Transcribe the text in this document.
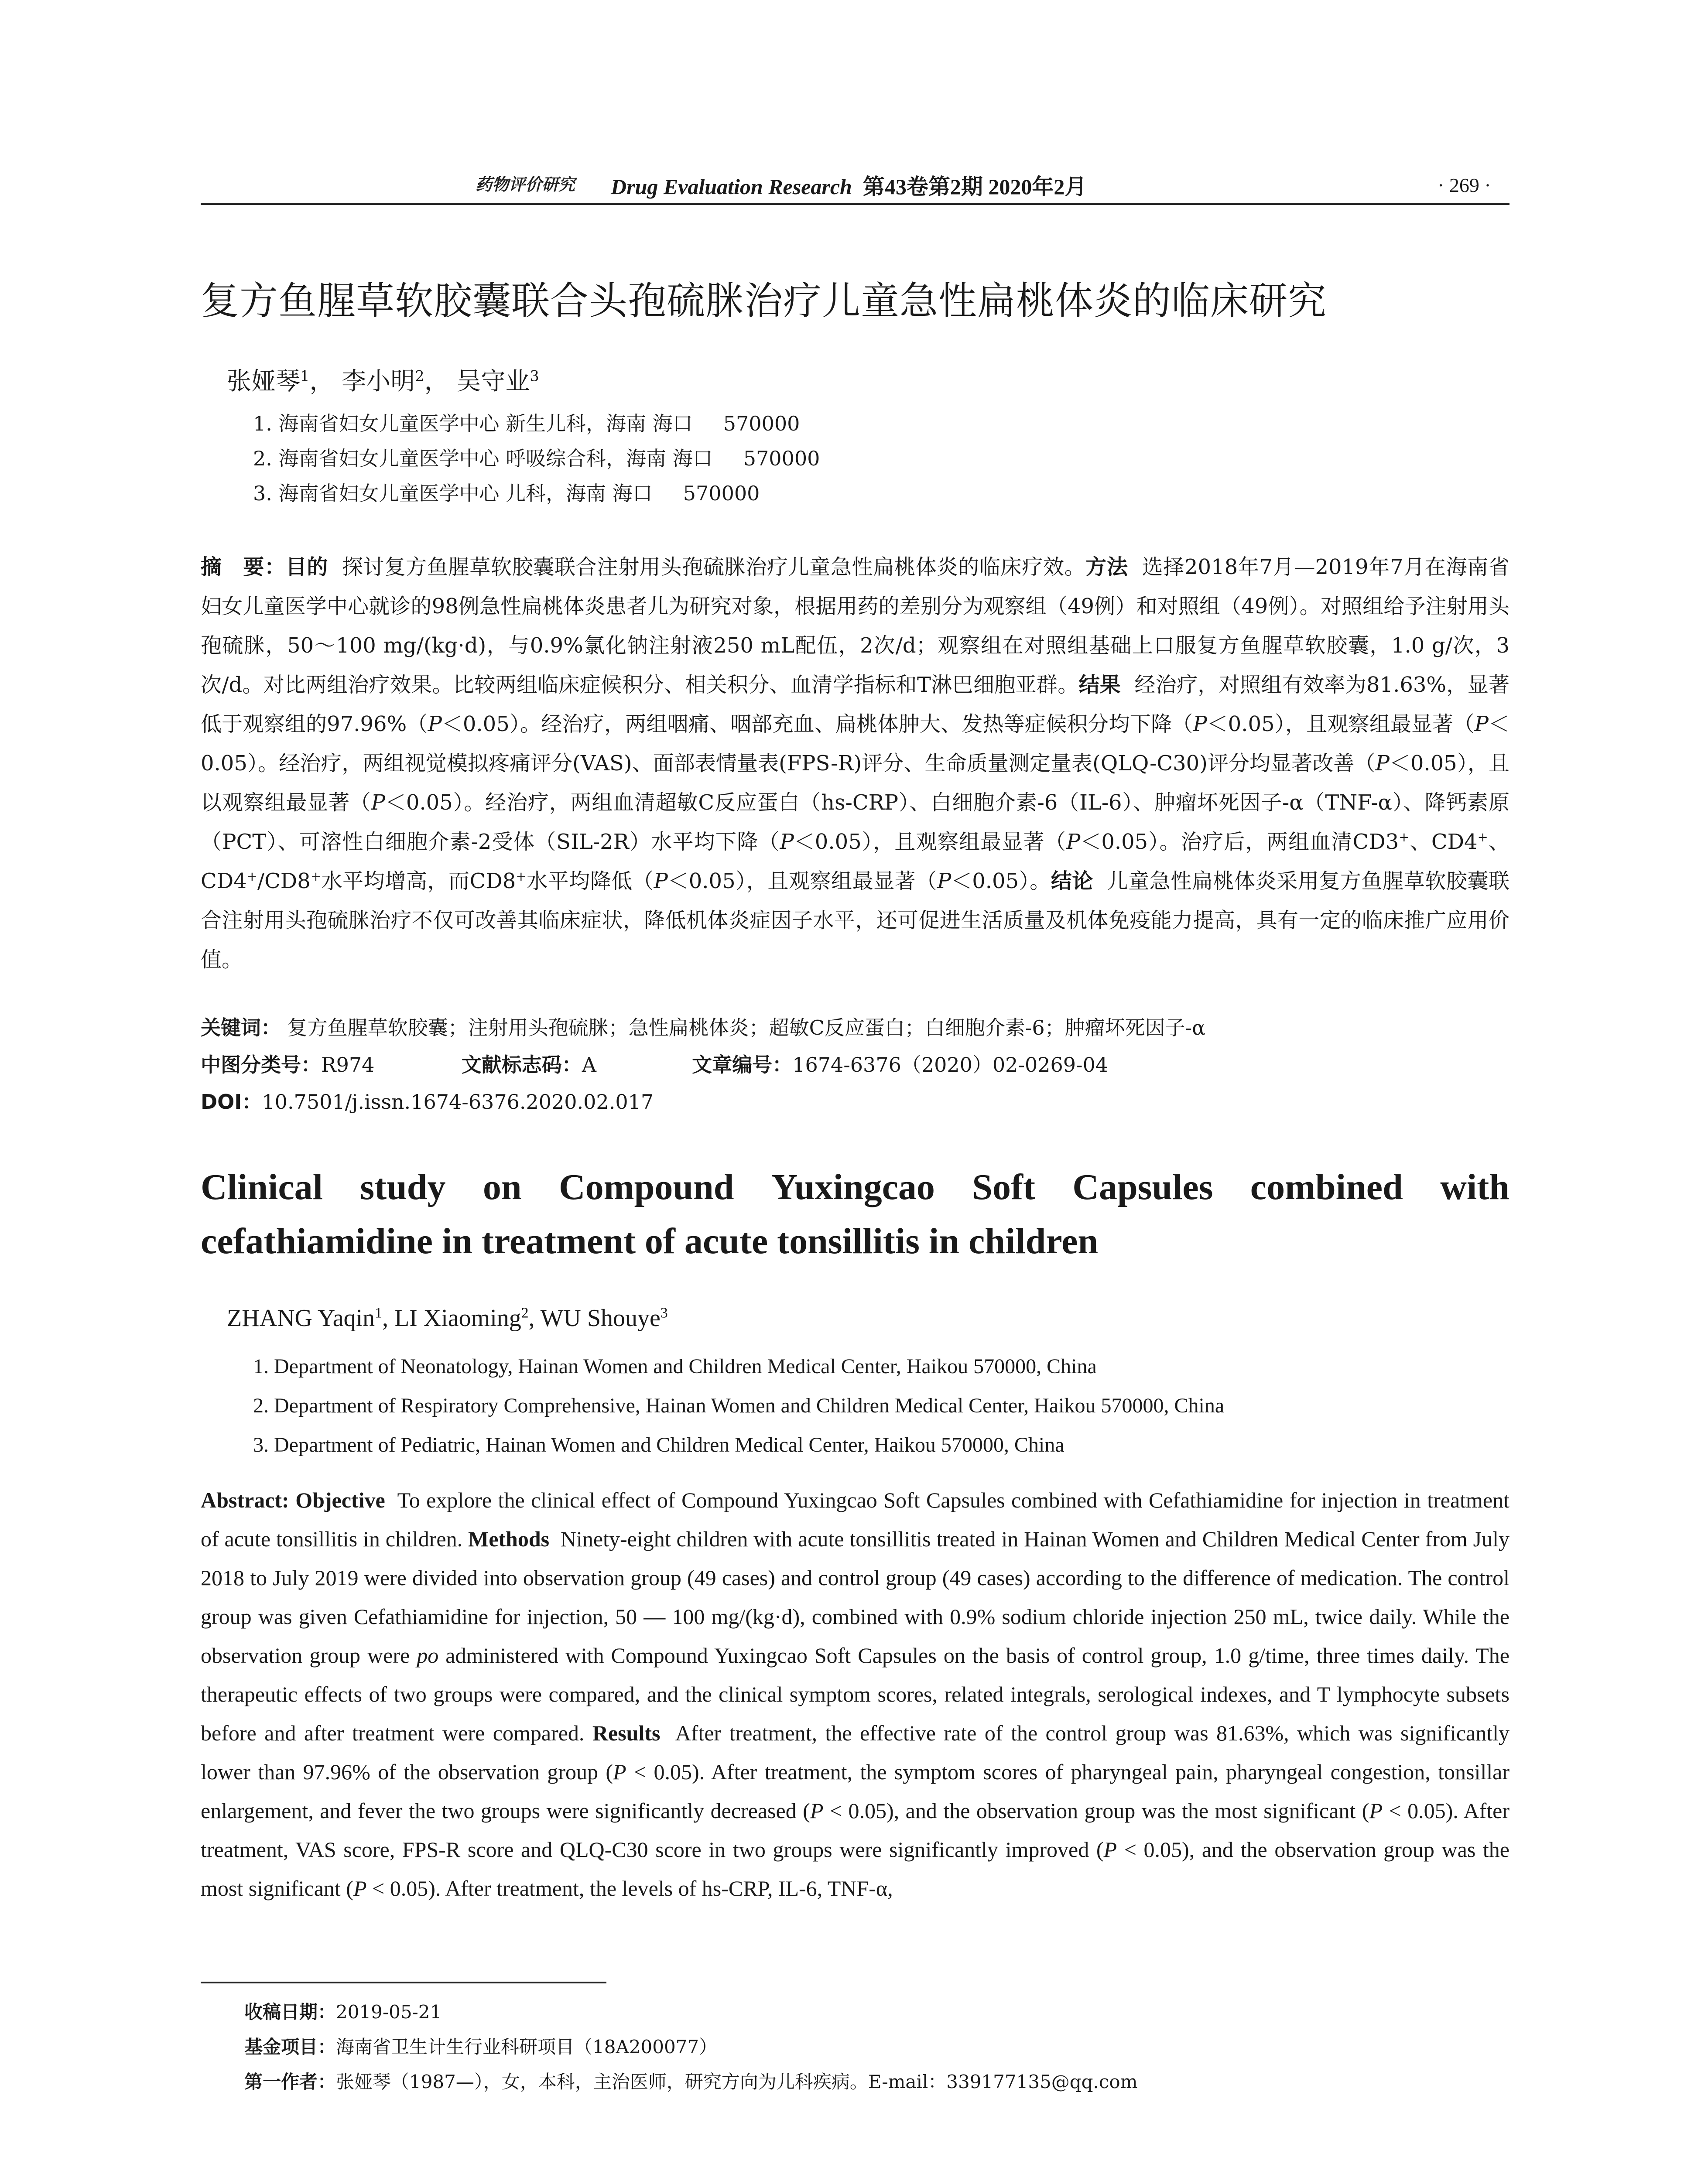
药物评价研究 Drug Evaluation Research 第43卷第2期 2020年2月	· 269 ·
复方鱼腥草软胶囊联合头孢硫脒治疗儿童急性扁桃体炎的临床研究
张娅琴$^1$， 李小明$^2$， 吴守业$^3$
1. 海南省妇女儿童医学中心 新生儿科，海南 海口 570000
2. 海南省妇女儿童医学中心 呼吸综合科，海南 海口 570000
3. 海南省妇女儿童医学中心 儿科，海南 海口 570000

摘　要：目的 探讨复方鱼腥草软胶囊联合注射用头孢硫脒治疗儿童急性扁桃体炎的临床疗效。方法 选择2018年7月—2019年7月在海南省妇女儿童医学中心就诊的98例急性扁桃体炎患者儿为研究对象，根据用药的差别分为观察组（49例）和对照组（49例）。对照组给予注射用头孢硫脒，50～100 mg/(kg·d)，与0.9%氯化钠注射液250 mL配伍，2次/d；观察组在对照组基础上口服复方鱼腥草软胶囊，1.0 g/次，3次/d。对比两组治疗效果。比较两组临床症候积分、相关积分、血清学指标和T淋巴细胞亚群。结果 经治疗，对照组有效率为81.63%，显著低于观察组的97.96%（P＜0.05）。经治疗，两组咽痛、咽部充血、扁桃体肿大、发热等症候积分均下降（P＜0.05），且观察组最显著（P＜0.05）。经治疗，两组视觉模拟疼痛评分(VAS)、面部表情量表(FPS-R)评分、生命质量测定量表(QLQ-C30)评分均显著改善（P＜0.05），且以观察组最显著（P＜0.05）。经治疗，两组血清超敏C反应蛋白（hs-CRP）、白细胞介素-6（IL-6）、肿瘤坏死因子-α（TNF-α）、降钙素原（PCT）、可溶性白细胞介素-2受体（SIL-2R）水平均下降（P＜0.05），且观察组最显著（P＜0.05）。治疗后，两组血清CD3+、CD4+、CD4+/CD8+水平均增高，而CD8+水平均降低（P＜0.05），且观察组最显著（P＜0.05）。结论 儿童急性扁桃体炎采用复方鱼腥草软胶囊联合注射用头孢硫脒治疗不仅可改善其临床症状，降低机体炎症因子水平，还可促进生活质量及机体免疫能力提高，具有一定的临床推广应用价值。

关键词： 复方鱼腥草软胶囊；注射用头孢硫脒；急性扁桃体炎；超敏C反应蛋白；白细胞介素-6；肿瘤坏死因子-α
中图分类号：R974	文献标志码：A	文章编号：1674-6376（2020）02-0269-04
DOI：10.7501/j.issn.1674-6376.2020.02.017
Clinical study on Compound Yuxingcao Soft Capsules combined with
cefathiamidine in treatment of acute tonsillitis in children
ZHANG Yaqin$^1$, LI Xiaoming$^2$, WU Shouye$^3$
1. Department of Neonatology, Hainan Women and Children Medical Center, Haikou 570000, China
2. Department of Respiratory Comprehensive, Hainan Women and Children Medical Center, Haikou 570000, China
3. Department of Pediatric, Hainan Women and Children Medical Center, Haikou 570000, China

Abstract: Objective To explore the clinical effect of Compound Yuxingcao Soft Capsules combined with Cefathiamidine for injection in treatment of acute tonsillitis in children. Methods Ninety-eight children with acute tonsillitis treated in Hainan Women and Children Medical Center from July 2018 to July 2019 were divided into observation group (49 cases) and control group (49 cases) according to the difference of medication. The control group was given Cefathiamidine for injection, 50 — 100 mg/(kg·d), combined with 0.9% sodium chloride injection 250 mL, twice daily. While the observation group were po administered with Compound Yuxingcao Soft Capsules on the basis of control group, 1.0 g/time, three times daily. The therapeutic effects of two groups were compared, and the clinical symptom scores, related integrals, serological indexes, and T lymphocyte subsets before and after treatment were compared. Results After treatment, the effective rate of the control group was 81.63%, which was significantly lower than 97.96% of the observation group (P < 0.05). After treatment, the symptom scores of pharyngeal pain, pharyngeal congestion, tonsillar enlargement, and fever the two groups were significantly decreased (P < 0.05), and the observation group was the most significant (P < 0.05). After treatment, VAS score, FPS-R score and QLQ-C30 score in two groups were significantly improved (P < 0.05), and the observation group was the most significant (P < 0.05). After treatment, the levels of hs-CRP, IL-6, TNF-α,

收稿日期：2019-05-21
基金项目：海南省卫生计生行业科研项目（18A200077）
第一作者：张娅琴（1987—），女，本科，主治医师，研究方向为儿科疾病。E-mail：339177135@qq.com
